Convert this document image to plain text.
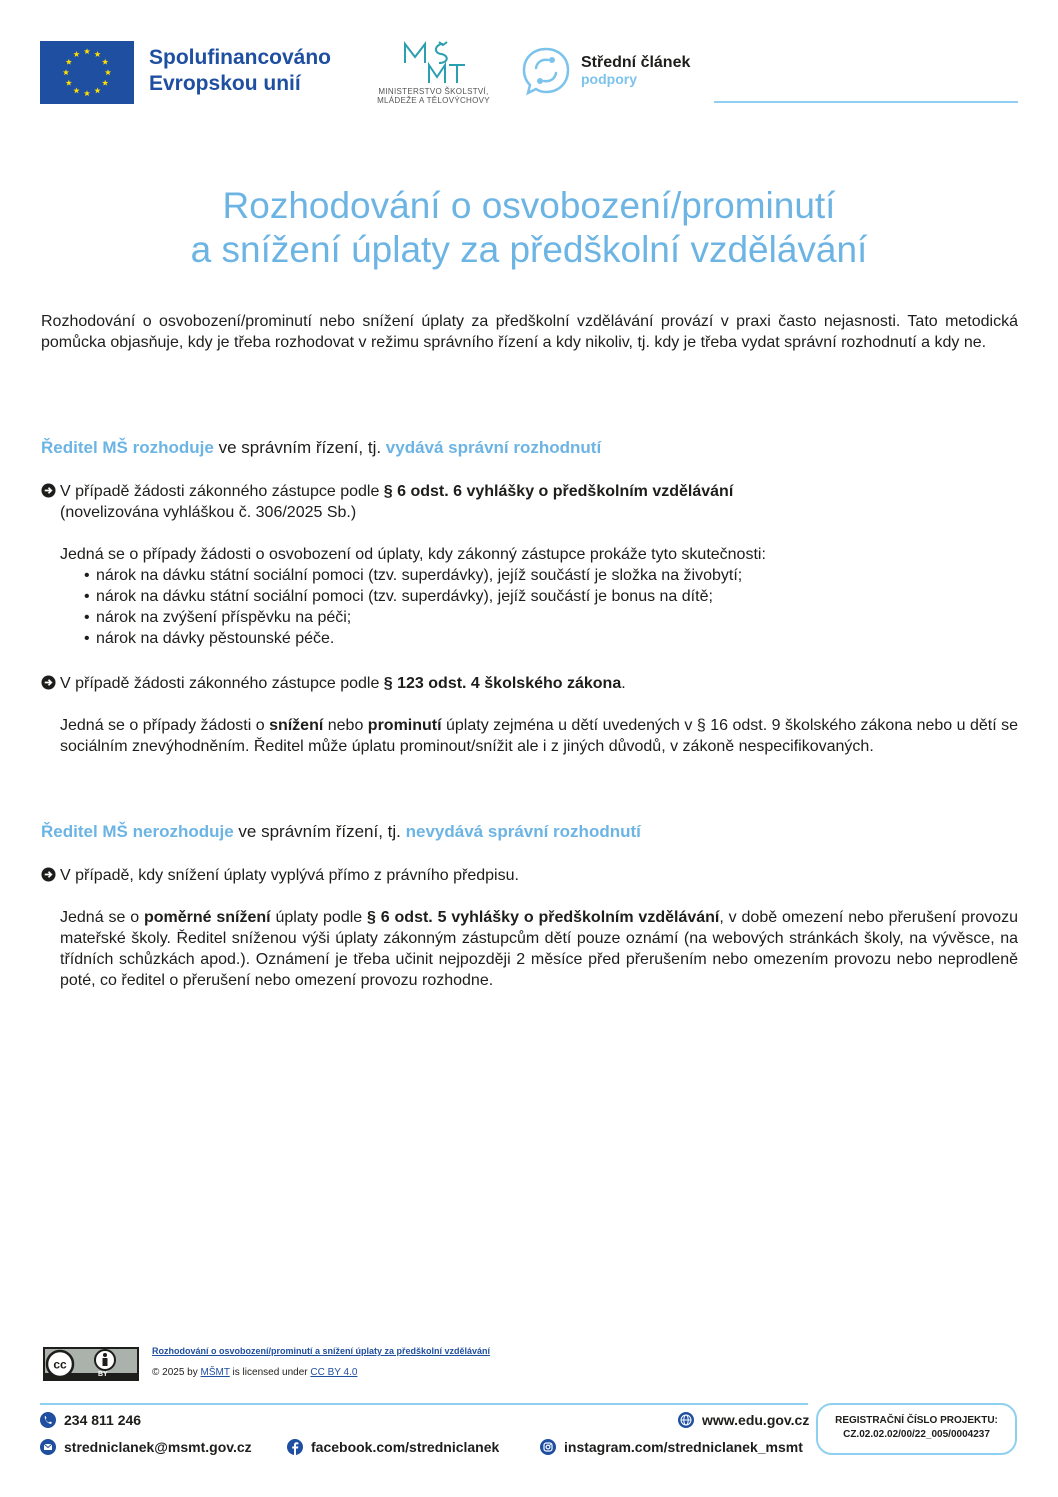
Spolufinancováno
Evropskou unií	MINISTERSTVO ŠKOLSTVÍ,
MLÁDEŽE A TĚLOVÝCHOVY
Střední článek
podpory
Rozhodování o osvobození/prominutí
a snížení úplaty za předškolní vzdělávání
Rozhodování o osvobození/prominutí nebo snížení úplaty za předškolní vzdělávání provází v praxi často nejasnosti. Tato metodická pomůcka objasňuje, kdy je třeba rozhodovat v režimu správního řízení a kdy nikoliv, tj. kdy je třeba vydat správní rozhodnutí a kdy ne.
Ředitel MŠ rozhoduje ve správním řízení, tj. vydává správní rozhodnutí
V případě žádosti zákonného zástupce podle § 6 odst. 6 vyhlášky o předškolním vzdělávání
(novelizována vyhláškou č. 306/2025 Sb.)
Jedná se o případy žádosti o osvobození od úplaty, kdy zákonný zástupce prokáže tyto skutečnosti:
• nárok na dávku státní sociální pomoci (tzv. superdávky), jejíž součástí je složka na živobytí;
• nárok na dávku státní sociální pomoci (tzv. superdávky), jejíž součástí je bonus na dítě;
• nárok na zvýšení příspěvku na péči;
• nárok na dávky pěstounské péče.
V případě žádosti zákonného zástupce podle § 123 odst. 4 školského zákona.
Jedná se o případy žádosti o snížení nebo prominutí úplaty zejména u dětí uvedených v § 16 odst. 9 školského zákona nebo u dětí se sociálním znevýhodněním. Ředitel může úplatu prominout/snížit ale i z jiných důvodů, v zákoně nespecifikovaných.
Ředitel MŠ nerozhoduje ve správním řízení, tj. nevydává správní rozhodnutí
V případě, kdy snížení úplaty vyplývá přímo z právního předpisu.
Jedná se o poměrné snížení úplaty podle § 6 odst. 5 vyhlášky o předškolním vzdělávání, v době omezení nebo přerušení provozu mateřské školy. Ředitel sníženou výši úplaty zákonným zástupcům dětí pouze oznámí (na webových stránkách školy, na vývěsce, na třídních schůzkách apod.). Oznámení je třeba učinit nejpozději 2 měsíce před přerušením nebo omezením provozu nebo neprodleně poté, co ředitel o přerušení nebo omezení provozu rozhodne.
cc
BY
Rozhodování o osvobození/prominutí a snížení úplaty za předškolní vzdělávání
© 2025 by MŠMT is licensed under CC BY 4.0
234 811 246
stredniclanek@msmt.gov.cz	facebook.com/stredniclanek
www.edu.gov.cz
instagram.com/stredniclanek_msmt
REGISTRAČNÍ ČÍSLO PROJEKTU:
CZ.02.02.02/00/22_005/0004237
